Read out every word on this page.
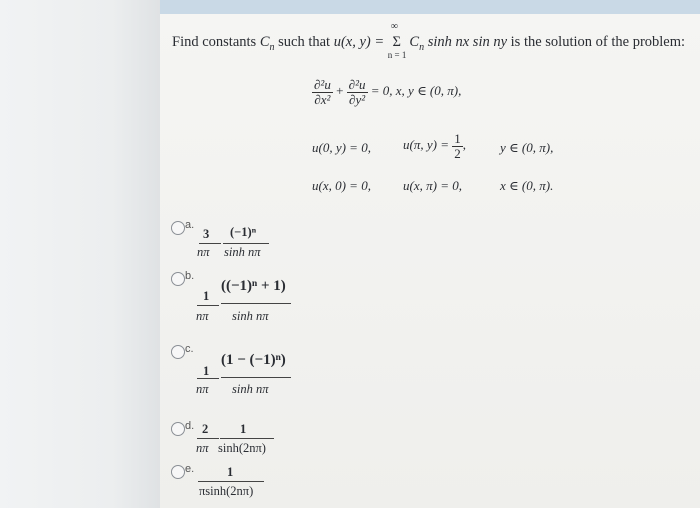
Find constants $C_n$ such that u(x, y) =
∞
Σ
n = 1
$C_n$ sinh nx sin ny is the solution of the problem:
$\frac{\text{∂²u}}{\text{∂x²}} + \frac{\text{∂²u}}{\text{∂y²}} = 0$, x, y ∈ (0, π),
u(0, y) = 0, u(π, $y) = \frac{1}{2}$ ,	y ∈ (0, π),
u(x, 0) = 0, u(x, π) = 0,	x ∈ (0, π).
a.
3
nπ
(−1)ⁿ
sinh nπ
b.
1
nπ
((−1)ⁿ + 1)
sinh nπ
c.
1
nπ
(1 − (−1)ⁿ)
sinh nπ
d. 2
nπ
1
sinh(2nπ)
e.	1
πsinh(2nπ)
